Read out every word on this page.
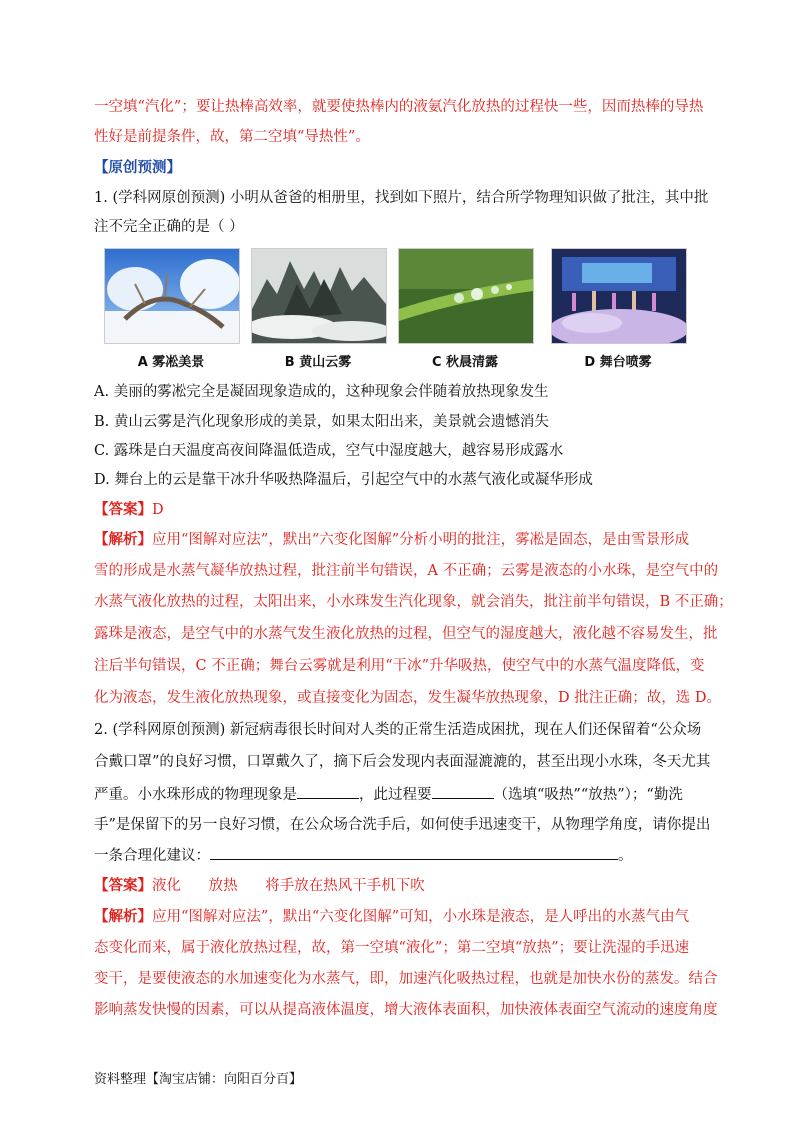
一空填“汽化”；要让热棒高效率，就要使热棒内的液氨汽化放热的过程快一些，因而热棒的导热
性好是前提条件，故，第二空填“导热性”。
【原创预测】
1. (学科网原创预测) 小明从爸爸的相册里，找到如下照片，结合所学物理知识做了批注，其中批
注不完全正确的是（ ）
A 雾凇美景	B 黄山云雾	C 秋晨清露	D 舞台喷雾
A. 美丽的雾凇完全是凝固现象造成的，这种现象会伴随着放热现象发生
B. 黄山云雾是汽化现象形成的美景，如果太阳出来，美景就会遗憾消失
C. 露珠是白天温度高夜间降温低造成，空气中湿度越大，越容易形成露水
D. 舞台上的云是靠干冰升华吸热降温后，引起空气中的水蒸气液化或凝华形成
【答案】D
【解析】应用“图解对应法”，默出“六变化图解”分析小明的批注，雾凇是固态，是由雪景形成
雪的形成是水蒸气凝华放热过程，批注前半句错误，A 不正确；云雾是液态的小水珠，是空气中的
水蒸气液化放热的过程，太阳出来，小水珠发生汽化现象，就会消失，批注前半句错误，B 不正确；
露珠是液态，是空气中的水蒸气发生液化放热的过程，但空气的湿度越大，液化越不容易发生，批
注后半句错误，C 不正确；舞台云雾就是利用“干冰”升华吸热，使空气中的水蒸气温度降低，变
化为液态，发生液化放热现象，或直接变化为固态，发生凝华放热现象，D 批注正确；故，选 D。
2. (学科网原创预测) 新冠病毒很长时间对人类的正常生活造成困扰，现在人们还保留着“公众场
合戴口罩”的良好习惯，口罩戴久了，摘下后会发现内表面湿漉漉的，甚至出现小水珠，冬天尤其
严重。小水珠形成的物理现象是	，此过程要	（选填“吸热”“放热”）；“勤洗
手”是保留下的另一良好习惯，在公众场合洗手后，如何使手迅速变干，从物理学角度，请你提出
一条合理化建议：	。
【答案】液化      放热      将手放在热风干手机下吹
【解析】应用“图解对应法”，默出“六变化图解”可知，小水珠是液态，是人呼出的水蒸气由气
态变化而来，属于液化放热过程，故，第一空填“液化”；第二空填“放热”；要让洗湿的手迅速
变干，是要使液态的水加速变化为水蒸气，即，加速汽化吸热过程，也就是加快水份的蒸发。结合
影响蒸发快慢的因素，可以从提高液体温度，增大液体表面积，加快液体表面空气流动的速度角度
资料整理【淘宝店铺：向阳百分百】
